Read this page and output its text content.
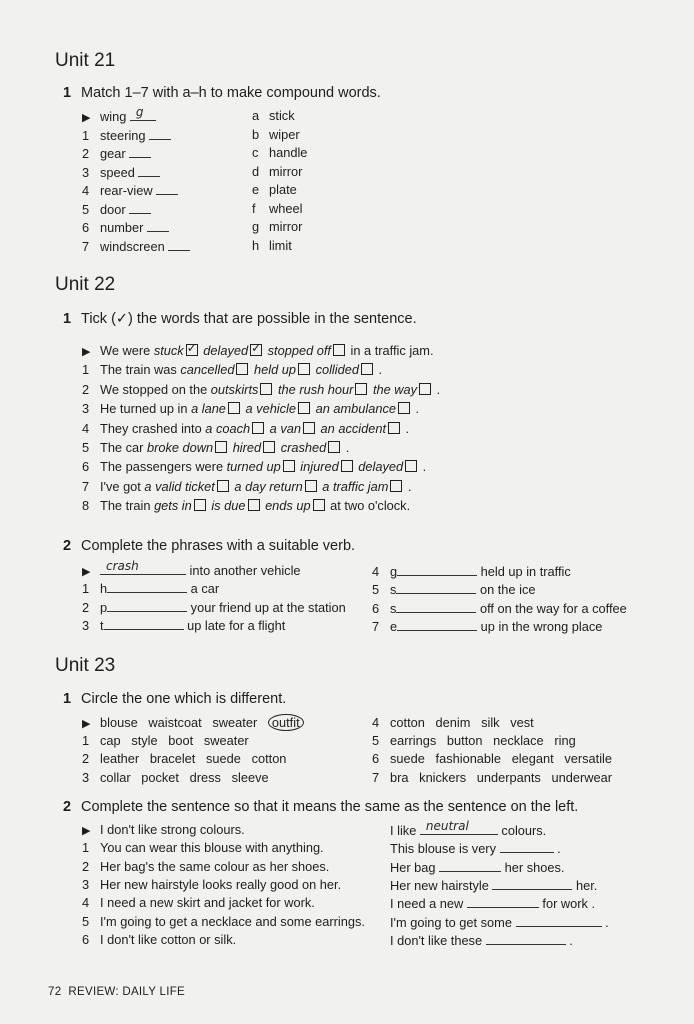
Unit 21
1 Match 1–7 with a–h to make compound words.
▶ wing g	a stick
1 steering	b wiper
2 gear	c handle
3 speed	d mirror
4 rear-view	e plate
5 door	f wheel
6 number	g mirror
7 windscreen	h limit
Unit 22
1 Tick (✓) the words that are possible in the sentence.
▶ We were stuck ✓ delayed ✓ stopped off in a traffic jam.
1 The train was cancelled held up collided .
2 We stopped on the outskirts the rush hour the way .
3 He turned up in a lane a vehicle an ambulance .
4 They crashed into a coach a van an accident .
5 The car broke down hired crashed .
6 The passengers were turned up injured delayed .
7 I've got a valid ticket a day return a traffic jam .
8 The train gets in is due ends up at two o'clock.
2 Complete the phrases with a suitable verb.
▶ crash	into another vehicle
1 h	a car
2 p	your friend up at the station
3 t	up late for a flight
4 g	held up in traffic
5 s	on the ice
6 s	off on the way for a coffee
7 e	up in the wrong place
Unit 23
1 Circle the one which is different.
▶ blouse waistcoat sweater outfit
1 cap style boot sweater
2 leather bracelet suede cotton
3 collar pocket dress sleeve
4 cotton denim silk vest
5 earrings button necklace ring
6 suede fashionable elegant versatile
7 bra knickers underpants underwear
2 Complete the sentence so that it means the same as the sentence on the left.
▶ I don't like strong colours.	I like neutral colours.
1 You can wear this blouse with anything.	This blouse is very	.
2 Her bag's the same colour as her shoes.	Her bag	her shoes.
3 Her new hairstyle looks really good on her.	Her new hairstyle	her.
4 I need a new skirt and jacket for work.	I need a new	for work .
5 I'm going to get a necklace and some earrings. I'm going to get some	.
6 I don't like cotton or silk.	I don't like these	.
72 REVIEW: DAILY LIFE
